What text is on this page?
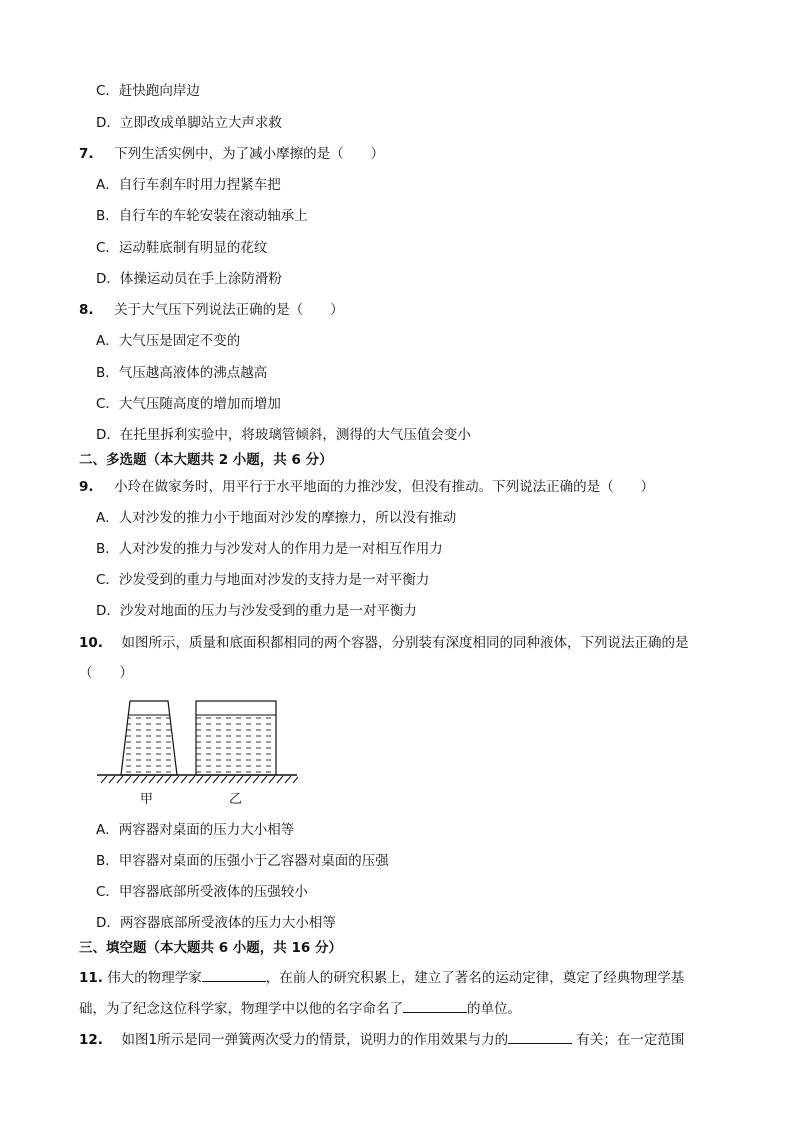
C．赶快跑向岸边
D．立即改成单脚站立大声求救
7. 下列生活实例中，为了减小摩擦的是（　　）
A．自行车刹车时用力捏紧车把
B．自行车的车轮安装在滚动轴承上
C．运动鞋底制有明显的花纹
D．体操运动员在手上涂防滑粉
8. 关于大气压下列说法正确的是（　　）
A．大气压是固定不变的
B．气压越高液体的沸点越高
C．大气压随高度的增加而增加
D．在托里拆利实验中，将玻璃管倾斜，测得的大气压值会变小
二、多选题（本大题共 2 小题，共 6 分）
9. 小玲在做家务时，用平行于水平地面的力推沙发，但没有推动。下列说法正确的是（　　）
A．人对沙发的推力小于地面对沙发的摩擦力，所以没有推动
B．人对沙发的推力与沙发对人的作用力是一对相互作用力
C．沙发受到的重力与地面对沙发的支持力是一对平衡力
D．沙发对地面的压力与沙发受到的重力是一对平衡力
10. 如图所示，质量和底面积都相同的两个容器，分别装有深度相同的同种液体，下列说法正确的是
（　　）
甲	乙
A．两容器对桌面的压力大小相等
B．甲容器对桌面的压强小于乙容器对桌面的压强
C．甲容器底部所受液体的压强较小
D．两容器底部所受液体的压力大小相等
三、填空题（本大题共 6 小题，共 16 分）
11. 伟大的物理学家	，在前人的研究积累上，建立了著名的运动定律，奠定了经典物理学基
础，为了纪念这位科学家，物理学中以他的名字命名了	的单位。
12. 如图1所示是同一弹簧两次受力的情景，说明力的作用效果与力的	有关；在一定范围
